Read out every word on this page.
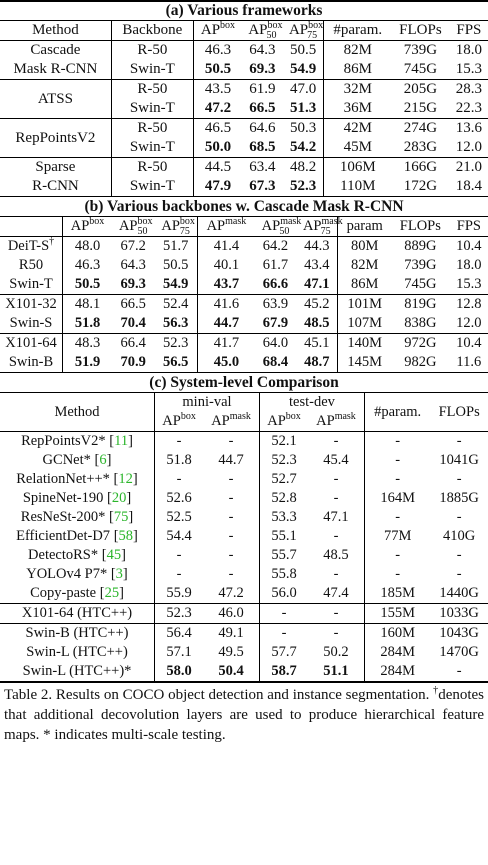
(a) Various frameworks
Method	Backbone	$AP^{box}$	$AP^{box}_{50}$	$AP^{box}_{75}$	#param.	FLOPs	FPS
Cascade	R-50	46.3	64.3	50.5	82M	739G	18.0
Mask R-CNN	Swin-T	50.5	69.3	54.9	86M	745G	15.3
ATSS	R-50	43.5	61.9	47.0	32M	205G	28.3
	Swin-T	47.2	66.5	51.3	36M	215G	22.3
RepPointsV2	R-50	46.5	64.6	50.3	42M	274G	13.6
	Swin-T	50.0	68.5	54.2	45M	283G	12.0
Sparse	R-50	44.5	63.4	48.2	106M	166G	21.0
R-CNN	Swin-T	47.9	67.3	52.3	110M	172G	18.4
(b) Various backbones w. Cascade Mask R-CNN
	$AP^{box}$	$AP^{box}_{50}$	$AP^{box}_{75}$	$AP^{mask}$	$AP^{mask}_{50}$	$AP^{mask}_{75}$	param	FLOPs	FPS
DeiT-S†	48.0	67.2	51.7	41.4	64.2	44.3	80M	889G	10.4
R50	46.3	64.3	50.5	40.1	61.7	43.4	82M	739G	18.0
Swin-T	50.5	69.3	54.9	43.7	66.6	47.1	86M	745G	15.3
X101-32	48.1	66.5	52.4	41.6	63.9	45.2	101M	819G	12.8
Swin-S	51.8	70.4	56.3	44.7	67.9	48.5	107M	838G	12.0
X101-64	48.3	66.4	52.3	41.7	64.0	45.1	140M	972G	10.4
Swin-B	51.9	70.9	56.5	45.0	68.4	48.7	145M	982G	11.6
(c) System-level Comparison
Method	mini-val		test-dev		#param.	FLOPs
	$AP^{box}$	$AP^{mask}$	$AP^{box}$	$AP^{mask}$
RepPointsV2* [11]	-	-	52.1	-	-	-
GCNet* [6]	51.8	44.7	52.3	45.4	-	1041G
RelationNet++* [12]	-	-	52.7	-	-	-
SpineNet-190 [20]	52.6	-	52.8	-	164M	1885G
ResNeSt-200* [75]	52.5	-	53.3	47.1	-	-
EfficientDet-D7 [58]	54.4	-	55.1	-	77M	410G
DetectoRS* [45]	-	-	55.7	48.5	-	-
YOLOv4 P7* [3]	-	-	55.8	-	-	-
Copy-paste [25]	55.9	47.2	56.0	47.4	185M	1440G
X101-64 (HTC++)	52.3	46.0	-	-	155M	1033G
Swin-B (HTC++)	56.4	49.1	-	-	160M	1043G
Swin-L (HTC++)	57.1	49.5	57.7	50.2	284M	1470G
Swin-L (HTC++)*	58.0	50.4	58.7	51.1	284M	-
Table 2. Results on COCO object detection and instance segmentation. †denotes that additional decovolution layers are used to produce hierarchical feature maps. * indicates multi-scale testing.
